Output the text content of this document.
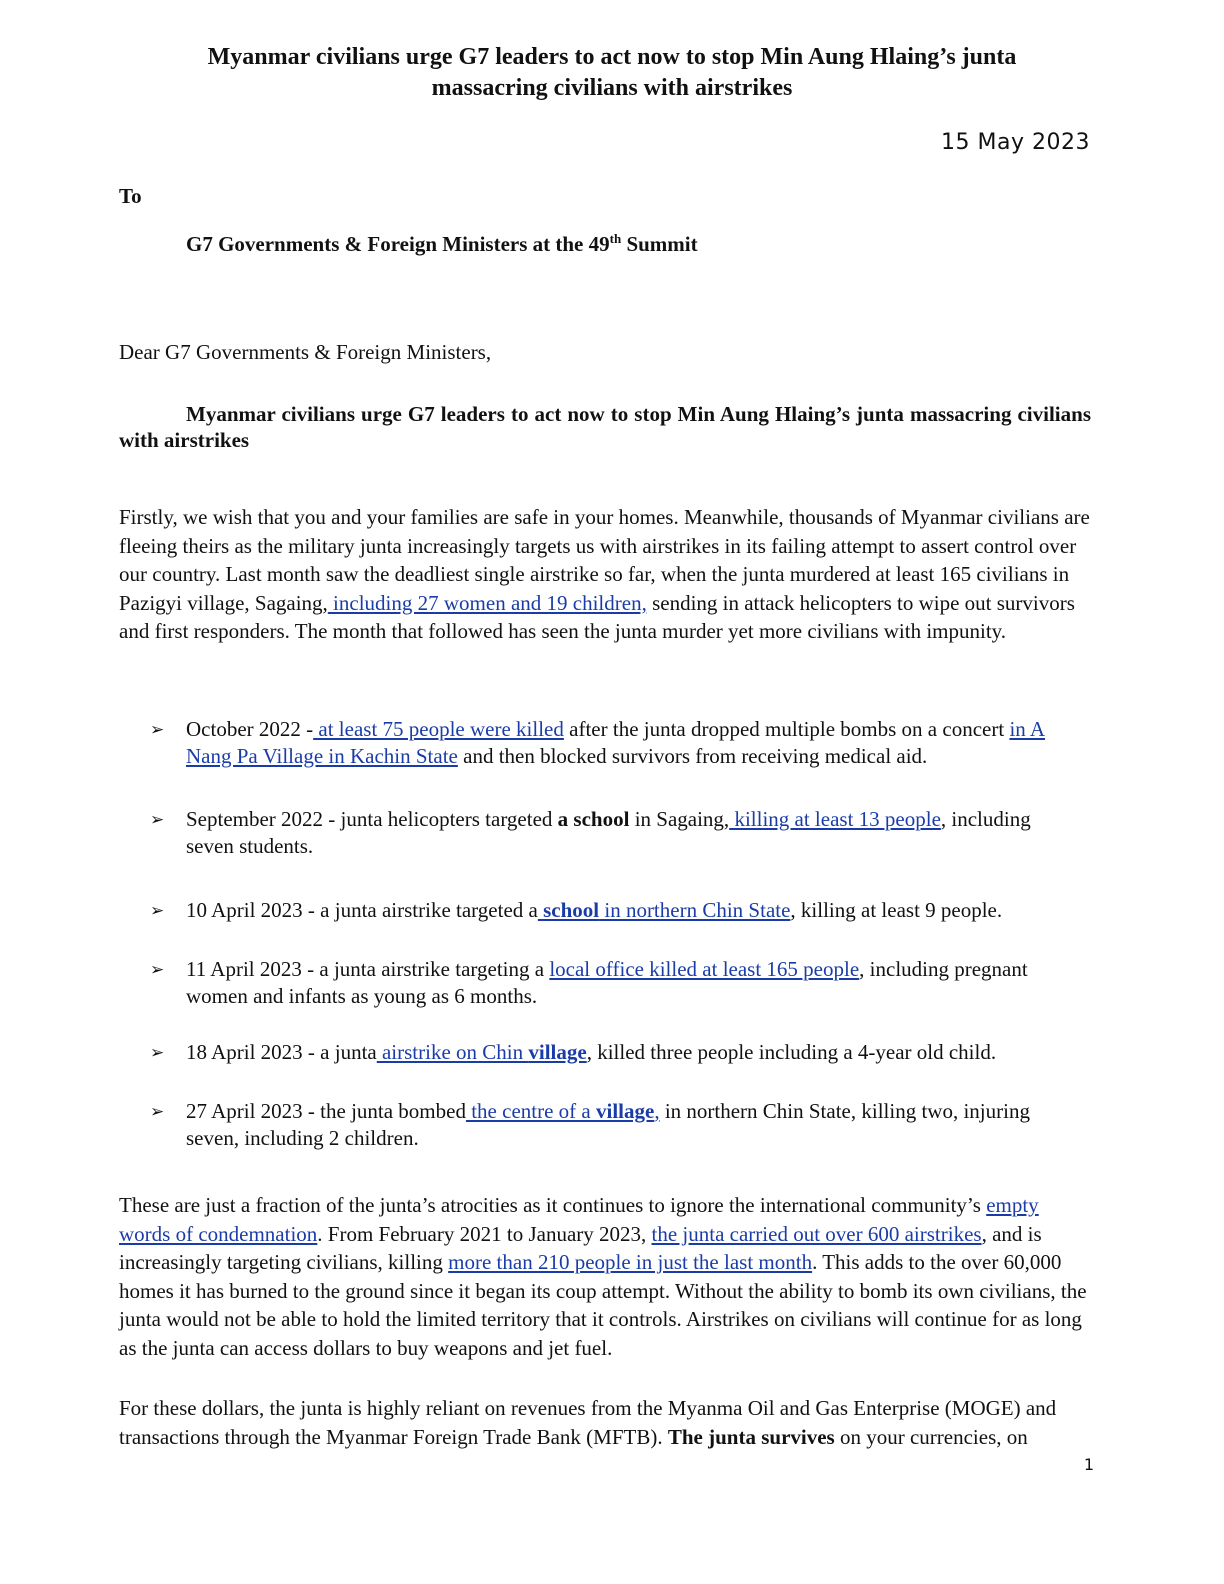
Myanmar civilians urge G7 leaders to act now to stop Min Aung Hlaing’s junta
massacring civilians with airstrikes
15 May 2023
To
G7 Governments & Foreign Ministers at the 49th Summit
Dear G7 Governments & Foreign Ministers,
Myanmar civilians urge G7 leaders to act now to stop Min Aung Hlaing’s junta massacring civilians with airstrikes
Firstly, we wish that you and your families are safe in your homes. Meanwhile, thousands of Myanmar civilians are fleeing theirs as the military junta increasingly targets us with airstrikes in its failing attempt to assert control over our country. Last month saw the deadliest single airstrike so far, when the junta murdered at least 165 civilians in Pazigyi village, Sagaing, including 27 women and 19 children, sending in attack helicopters to wipe out survivors and first responders. The month that followed has seen the junta murder yet more civilians with impunity.
➢ October 2022 - at least 75 people were killed after the junta dropped multiple bombs on a concert in A Nang Pa Village in Kachin State and then blocked survivors from receiving medical aid.
➢ September 2022 - junta helicopters targeted a school in Sagaing, killing at least 13 people, including seven students.
➢ 10 April 2023 - a junta airstrike targeted a school in northern Chin State, killing at least 9 people.
➢ 11 April 2023 - a junta airstrike targeting a local office killed at least 165 people, including pregnant women and infants as young as 6 months.
➢ 18 April 2023 - a junta airstrike on Chin village, killed three people including a 4-year old child.
➢ 27 April 2023 - the junta bombed the centre of a village, in northern Chin State, killing two, injuring seven, including 2 children.
These are just a fraction of the junta’s atrocities as it continues to ignore the international community’s empty words of condemnation. From February 2021 to January 2023, the junta carried out over 600 airstrikes, and is increasingly targeting civilians, killing more than 210 people in just the last month. This adds to the over 60,000 homes it has burned to the ground since it began its coup attempt. Without the ability to bomb its own civilians, the junta would not be able to hold the limited territory that it controls. Airstrikes on civilians will continue for as long as the junta can access dollars to buy weapons and jet fuel.
For these dollars, the junta is highly reliant on revenues from the Myanma Oil and Gas Enterprise (MOGE) and transactions through the Myanmar Foreign Trade Bank (MFTB). The junta survives on your currencies, on
1
